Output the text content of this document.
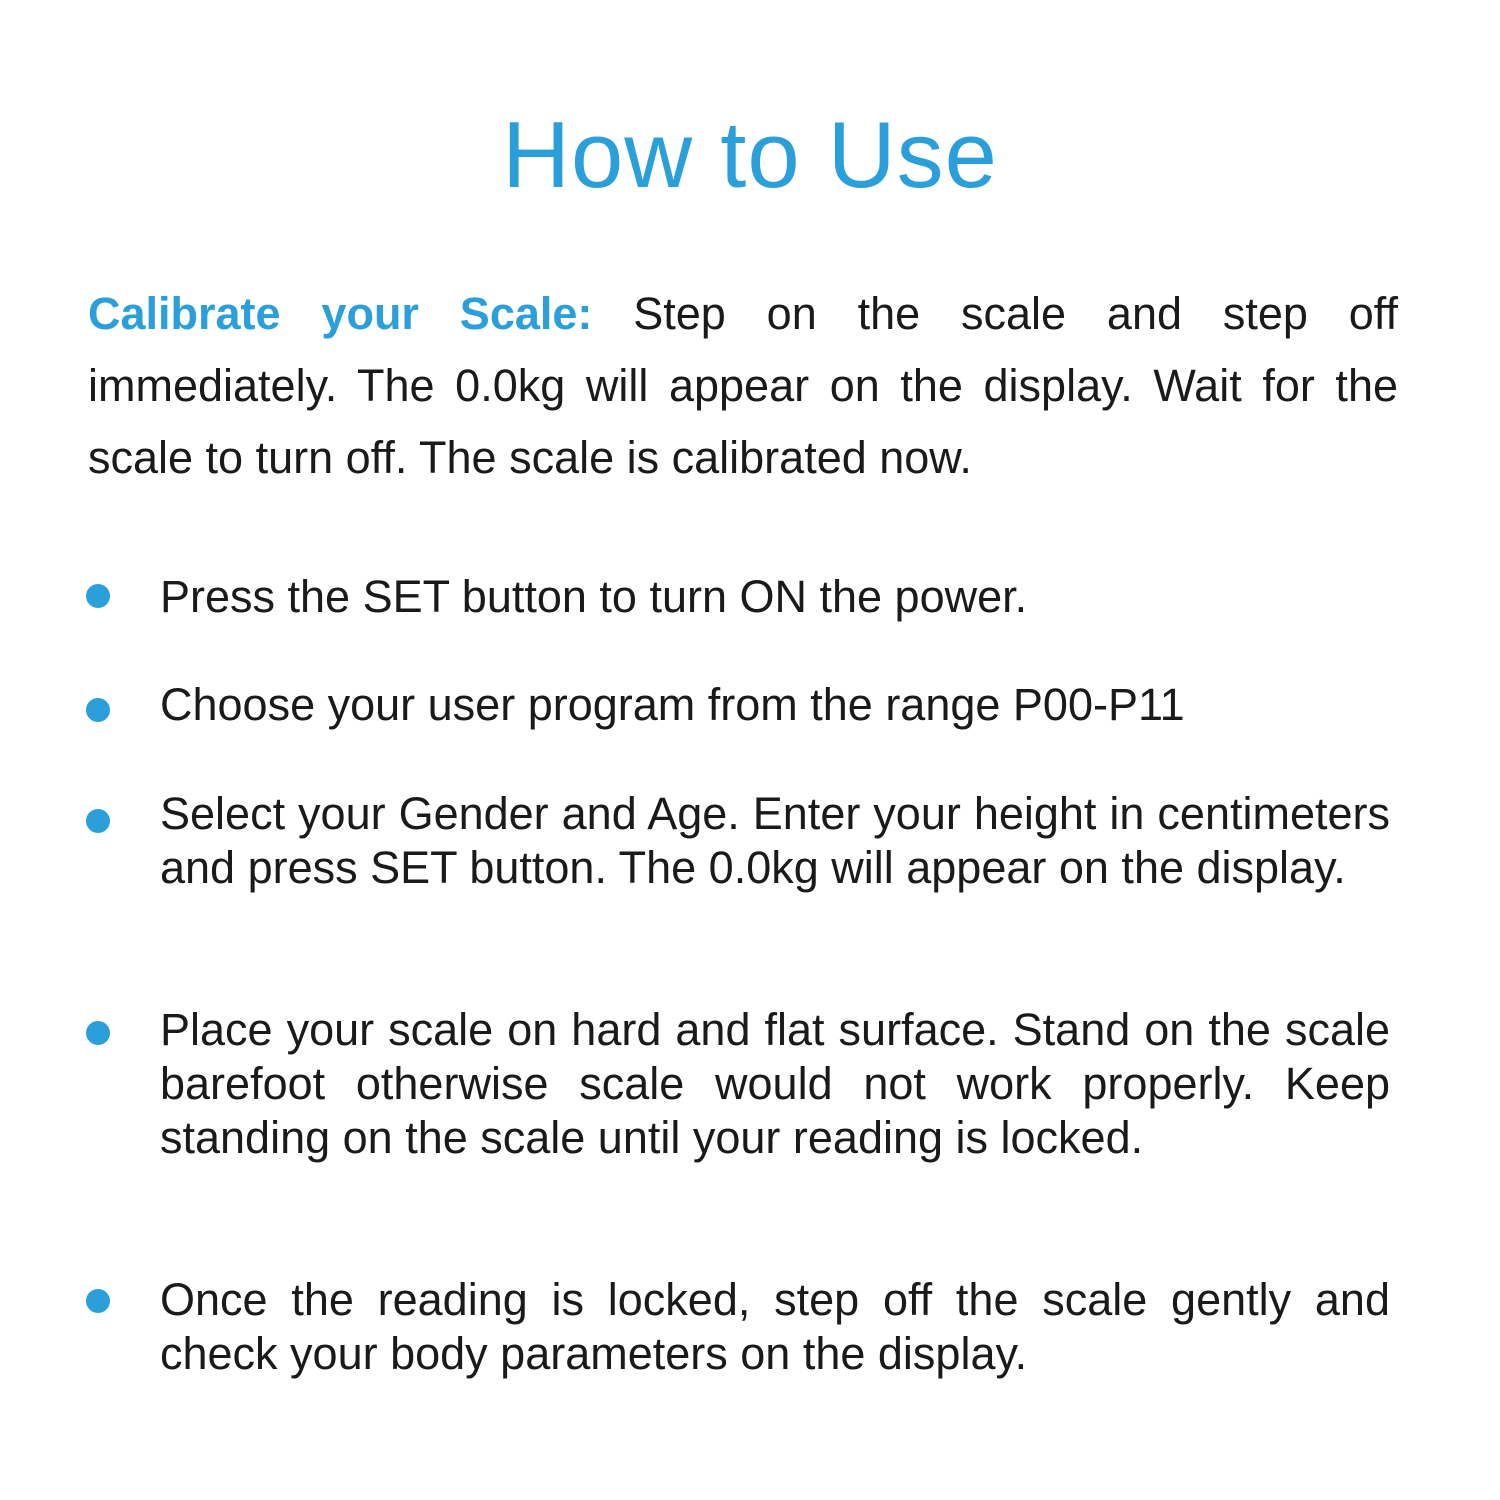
How to Use

Calibrate your Scale: Step on the scale and step off immediately. The 0.0kg will appear on the display. Wait for the scale to turn off. The scale is calibrated now.

Press the SET button to turn ON the power.
Choose your user program from the range P00-P11
Select your Gender and Age. Enter your height in centimeters and press SET button. The 0.0kg will appear on the display.
Place your scale on hard and flat surface. Stand on the scale barefoot otherwise scale would not work properly. Keep standing on the scale until your reading is locked.
Once the reading is locked, step off the scale gently and check your body parameters on the display.
